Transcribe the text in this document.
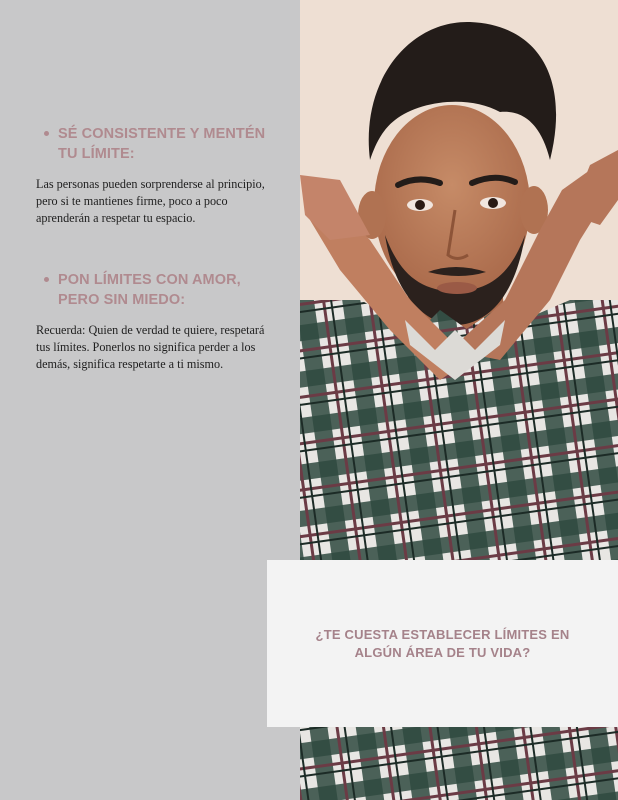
SÉ CONSISTENTE Y MENTÉN TU LÍMITE:

Las personas pueden sorprenderse al principio, pero si te mantienes firme, poco a poco aprenderán a respetar tu espacio.

PON LÍMITES CON AMOR, PERO SIN MIEDO:

Recuerda: Quien de verdad te quiere, respetará tus límites. Ponerlos no significa perder a los demás, significa respetarte a ti mismo.

¿TE CUESTA ESTABLECER LÍMITES EN ALGÚN ÁREA DE TU VIDA?
